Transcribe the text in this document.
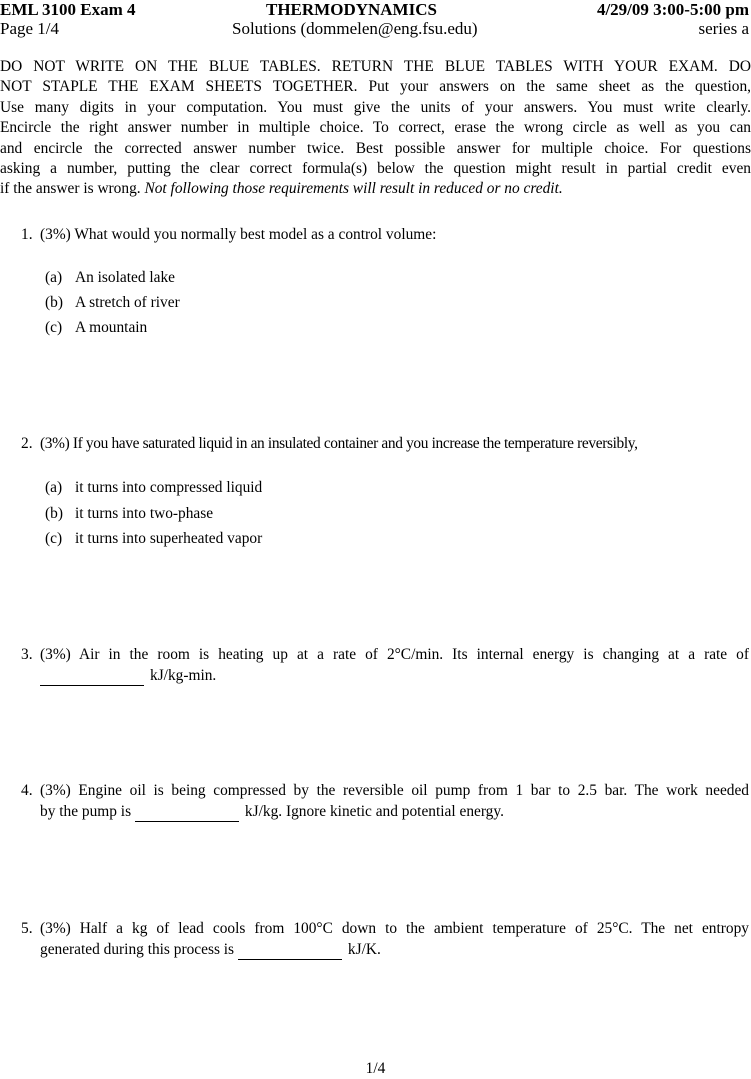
EML 3100 Exam 4	THERMODYNAMICS	4/29/09 3:00-5:00 pm
Page 1/4	Solutions (dommelen@eng.fsu.edu)	series a
DO NOT WRITE ON THE BLUE TABLES. RETURN THE BLUE TABLES WITH YOUR EXAM. DO
NOT STAPLE THE EXAM SHEETS TOGETHER. Put your answers on the same sheet as the question,
Use many digits in your computation. You must give the units of your answers. You must write clearly.
Encircle the right answer number in multiple choice. To correct, erase the wrong circle as well as you can
and encircle the corrected answer number twice. Best possible answer for multiple choice. For questions
asking a number, putting the clear correct formula(s) below the question might result in partial credit even
if the answer is wrong. Not following those requirements will result in reduced or no credit.
1. (3%) What would you normally best model as a control volume:
(a) An isolated lake
(b) A stretch of river
(c) A mountain
2. (3%) If you have saturated liquid in an insulated container and you increase the temperature reversibly,
(a) it turns into compressed liquid
(b) it turns into two-phase
(c) it turns into superheated vapor
3. (3%) Air in the room is heating up at a rate of 2°C/min. Its internal energy is changing at a rate of
kJ/kg-min.
4. (3%) Engine oil is being compressed by the reversible oil pump from 1 bar to 2.5 bar. The work needed
by the pump is	kJ/kg. Ignore kinetic and potential energy.
5. (3%) Half a kg of lead cools from 100°C down to the ambient temperature of 25°C. The net entropy
generated during this process is	kJ/K.
1/4
